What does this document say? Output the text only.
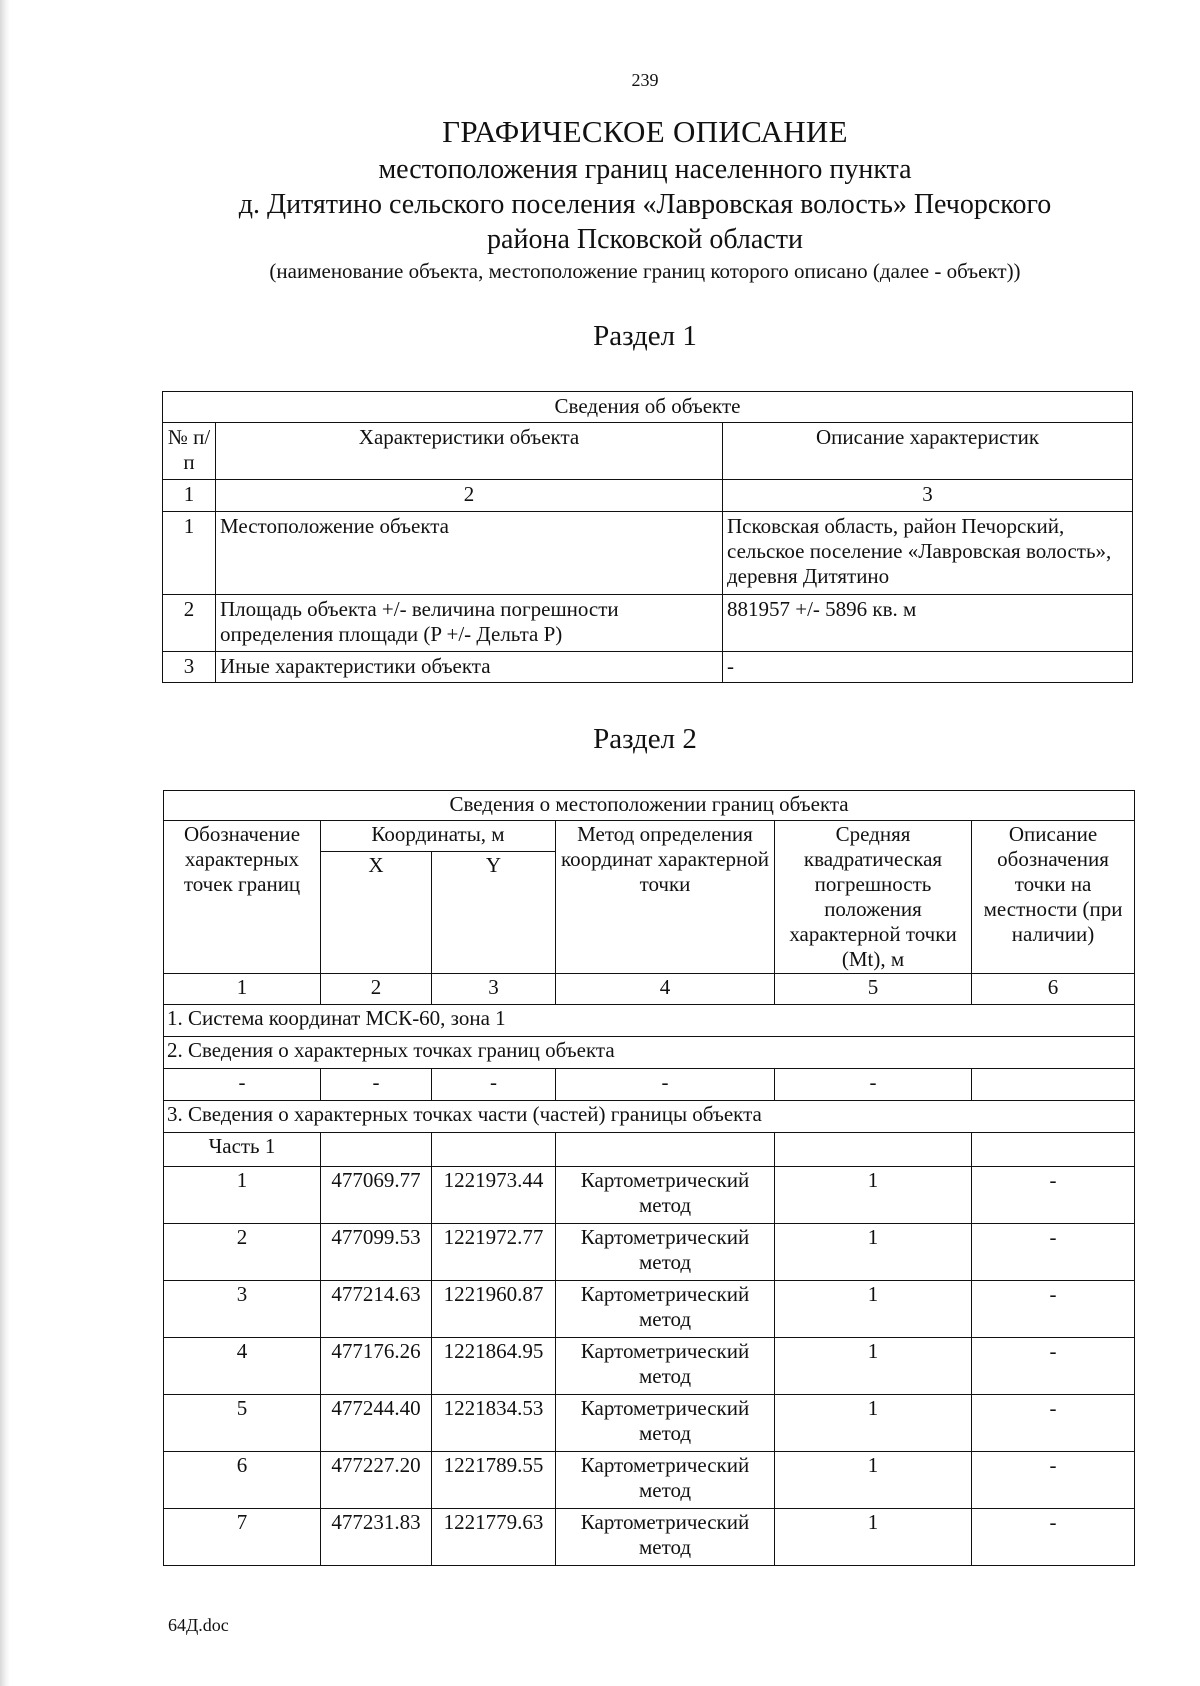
239
ГРАФИЧЕСКОЕ ОПИСАНИЕ
местоположения границ населенного пункта
д. Дитятино сельского поселения «Лавровская волость» Печорского
района Псковской области
(наименование объекта, местоположение границ которого описано (далее - объект))
Раздел 1
Сведения об объекте		
№ п/п	Характеристики объекта	Описание характеристик
1	2	3
1	Местоположение объекта	Псковская область, район Печорский, сельское поселение «Лавровская волость», деревня Дитятино
2	Площадь объекта +/- величина погрешности определения площади (P +/- Дельта P)	881957 +/- 5896 кв. м
3	Иные характеристики объекта	-
Раздел 2
Сведения о местоположении границ объекта					
Обозначение характерных точек границ	Координаты, м		Метод определения координат характерной точки	Средняя квадратическая погрешность положения характерной точки (Mt), м	Описание обозначения точки на местности (при наличии)
	X	Y			
1	2	3	4	5	6
1. Система координат МСК-60, зона 1					
2. Сведения о характерных точках границ объекта					
-	-	-	-	-	
3. Сведения о характерных точках части (частей) границы объекта					
Часть 1					
1	477069.77	1221973.44	Картометрический метод	1	-
2	477099.53	1221972.77	Картометрический метод	1	-
3	477214.63	1221960.87	Картометрический метод	1	-
4	477176.26	1221864.95	Картометрический метод	1	-
5	477244.40	1221834.53	Картометрический метод	1	-
6	477227.20	1221789.55	Картометрический метод	1	-
7	477231.83	1221779.63	Картометрический метод	1	-
64Д.doc
